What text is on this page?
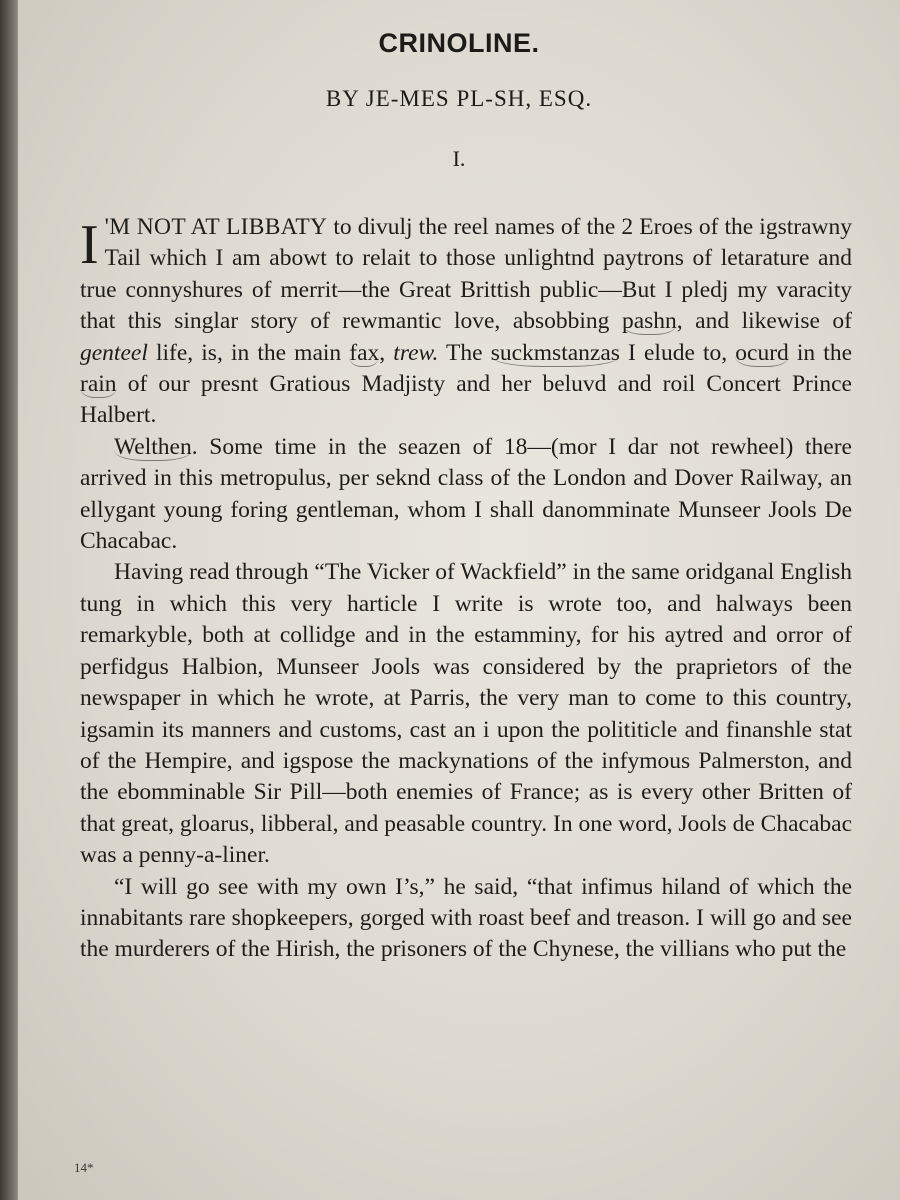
CRINOLINE.
BY JE-MES PL-SH, ESQ.
I.

I 'M NOT AT LIBBATY to divulj the reel names of the 2 Eroes of the igstrawny Tail which I am abowt to relait to those unlightnd paytrons of letarature and true connyshures of merrit—the Great Brittish public—But I pledj my varacity that this singlar story of rewmantic love, absobbing pashn, and likewise of genteel life, is, in the main fax, trew. The suckmstanzas I elude to, ocurd in the rain of our presnt Gratious Madjisty and her beluvd and roil Concert Prince Halbert.

Welthen. Some time in the seazen of 18—(mor I dar not rewheel) there arrived in this metropulus, per seknd class of the London and Dover Railway, an ellygant young foring gentleman, whom I shall danomminate Munseer Jools De Chacabac.

Having read through “The Vicker of Wackfield” in the same oridganal English tung in which this very harticle I write is wrote too, and halways been remarkyble, both at collidge and in the estamminy, for his aytred and orror of perfidgus Halbion, Munseer Jools was considered by the praprietors of the newspaper in which he wrote, at Parris, the very man to come to this country, igsamin its manners and customs, cast an i upon the polititicle and finanshle stat of the Hempire, and igspose the mackynations of the infymous Palmerston, and the ebomminable Sir Pill—both enemies of France; as is every other Britten of that great, gloarus, libberal, and peasable country. In one word, Jools de Chacabac was a penny-a-liner.

“I will go see with my own I’s,” he said, “that infimus hiland of which the innabitants rare shopkeepers, gorged with roast beef and treason. I will go and see the murderers of the Hirish, the prisoners of the Chynese, the villians who put the

14*
